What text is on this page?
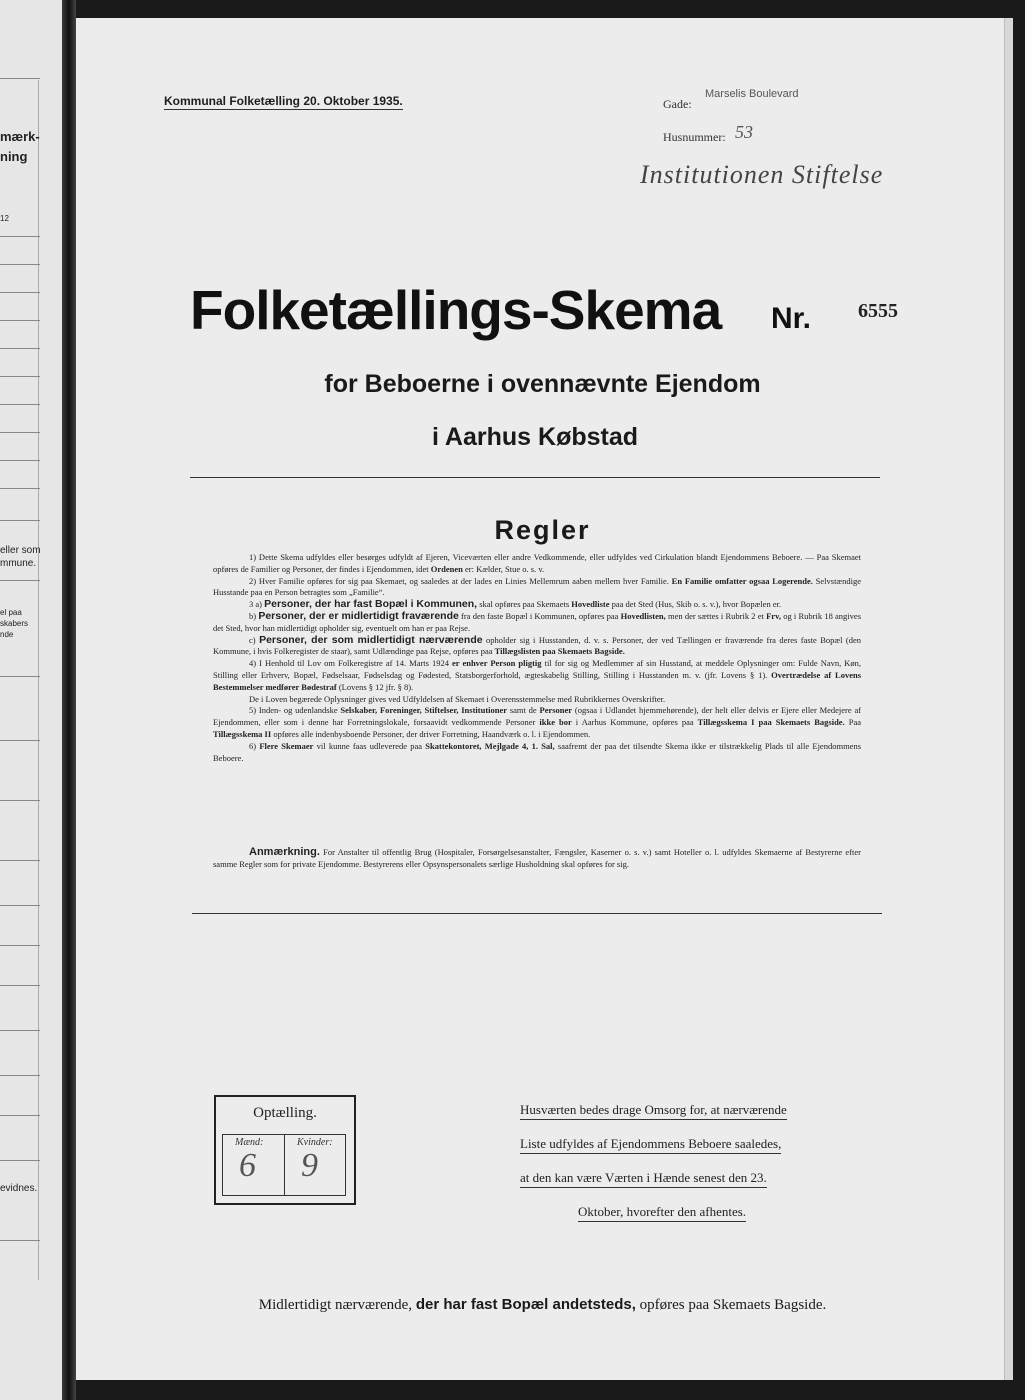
mærk-
ning
12
eller som
mmune.
el paa
skabers
nde
evidnes.
Kommunal Folketælling 20. Oktober 1935.	Gade:
Marselis Boulevard
Husnummer: 53
Institutionen Stiftelse
Folketællings-Skema Nr. 6555
for Beboerne i ovennævnte Ejendom
i Aarhus Købstad
Regler

1) Dette Skema udfyldes eller besørges udfyldt af Ejeren, Viceværten eller andre Vedkommende, eller udfyldes ved Cirkulation blandt Ejendommens Beboere. — Paa Skemaet opføres de Familier og Personer, der findes i Ejendommen, idet Ordenen er: Kælder, Stue o. s. v.

2) Hver Familie opføres for sig paa Skemaet, og saaledes at der lades en Linies Mellemrum aaben mellem hver Familie. En Familie omfatter ogsaa Logerende. Selvstændige Husstande paa en Person betragtes som „Familie“.

3 a) Personer, der har fast Bopæl i Kommunen, skal opføres paa Skemaets Hovedliste paa det Sted (Hus, Skib o. s. v.), hvor Bopælen er.

b) Personer, der er midlertidigt fraværende fra den faste Bopæl i Kommunen, opføres paa Hovedlisten, men der sættes i Rubrik 2 et Frv, og i Rubrik 18 angives det Sted, hvor han midlertidigt opholder sig, eventuelt om han er paa Rejse.

c) Personer, der som midlertidigt nærværende opholder sig i Husstanden, d. v. s. Personer, der ved Tællingen er fraværende fra deres faste Bopæl (den Kommune, i hvis Folkeregister de staar), samt Udlændinge paa Rejse, opføres paa Tillægslisten paa Skemaets Bagside.

4) I Henhold til Lov om Folkeregistre af 14. Marts 1924 er enhver Person pligtig til for sig og Medlemmer af sin Husstand, at meddele Oplysninger om: Fulde Navn, Køn, Stilling eller Erhverv, Bopæl, Fødselsaar, Fødselsdag og Fødested, Statsborgerforhold, ægteskabelig Stilling, Stilling i Husstanden m. v. (jfr. Lovens § 1). Overtrædelse af Lovens Bestemmelser medfører Bødestraf (Lovens § 12 jfr. § 8).

De i Loven begærede Oplysninger gives ved Udfyldelsen af Skemaet i Overensstemmelse med Rubrikkernes Overskrifter.

5) Inden- og udenlandske Selskaber, Foreninger, Stiftelser, Institutioner samt de Personer (ogsaa i Udlandet hjemmehørende), der helt eller delvis er Ejere eller Medejere af Ejendommen, eller som i denne har Forretningslokale, forsaavidt vedkommende Personer ikke bor i Aarhus Kommune, opføres paa Tillægsskema I paa Skemaets Bagside. Paa Tillægsskema II opføres alle indenbysboende Personer, der driver Forretning, Haandværk o. l. i Ejendommen.

6) Flere Skemaer vil kunne faas udleverede paa Skattekontoret, Mejlgade 4, 1. Sal, saafremt der paa det tilsendte Skema ikke er tilstrækkelig Plads til alle Ejendommens Beboere.

Anmærkning. For Anstalter til offentlig Brug (Hospitaler, Forsørgelsesanstalter, Fængsler, Kaserner o. s. v.) samt Hoteller o. l. udfyldes Skemaerne af Bestyrerne efter samme Regler som for private Ejendomme. Bestyrerens eller Opsynspersonalets særlige Husholdning skal opføres for sig.

Optælling.
Mænd:
6
Kvinder:
9
Husværten bedes drage Omsorg for, at nærværende
Liste udfyldes af Ejendommens Beboere saaledes,
at den kan være Værten i Hænde senest den 23.
Oktober, hvorefter den afhentes.
Midlertidigt nærværende, der har fast Bopæl andetsteds, opføres paa Skemaets Bagside.
